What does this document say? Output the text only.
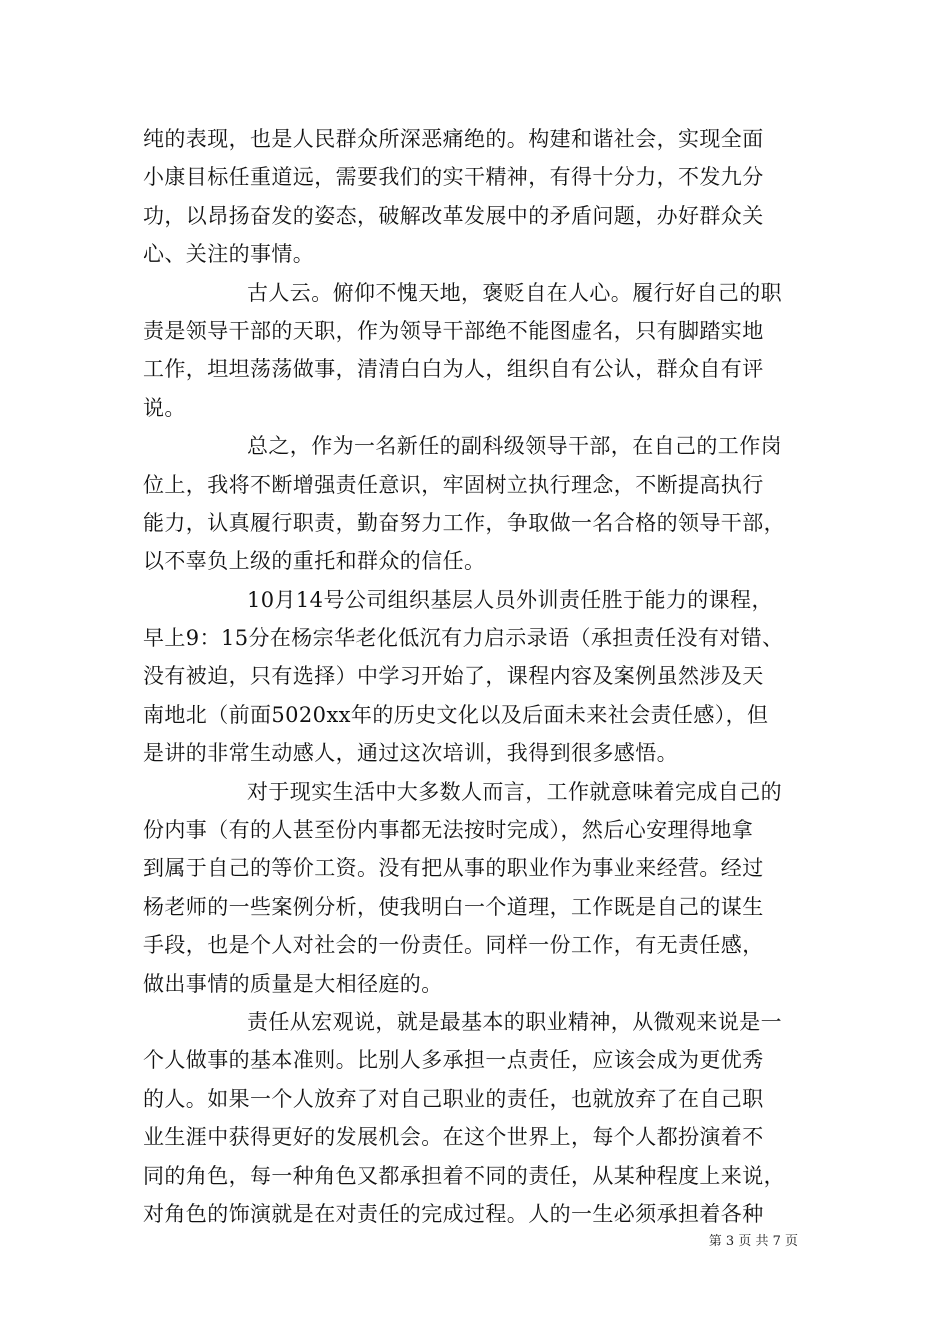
纯的表现，也是人民群众所深恶痛绝的。构建和谐社会，实现全面
小康目标任重道远，需要我们的实干精神，有得十分力，不发九分
功，以昂扬奋发的姿态，破解改革发展中的矛盾问题，办好群众关
心、关注的事情。
古人云。俯仰不愧天地，褒贬自在人心。履行好自己的职
责是领导干部的天职，作为领导干部绝不能图虚名，只有脚踏实地
工作，坦坦荡荡做事，清清白白为人，组织自有公认，群众自有评
说。
总之，作为一名新任的副科级领导干部，在自己的工作岗
位上，我将不断增强责任意识，牢固树立执行理念，不断提高执行
能力，认真履行职责，勤奋努力工作，争取做一名合格的领导干部，
以不辜负上级的重托和群众的信任。
10月14号公司组织基层人员外训责任胜于能力的课程，
早上9：15分在杨宗华老化低沉有力启示录语（承担责任没有对错、
没有被迫，只有选择）中学习开始了，课程内容及案例虽然涉及天
南地北（前面5020xx年的历史文化以及后面未来社会责任感），但
是讲的非常生动感人，通过这次培训，我得到很多感悟。
对于现实生活中大多数人而言，工作就意味着完成自己的
份内事（有的人甚至份内事都无法按时完成），然后心安理得地拿
到属于自己的等价工资。没有把从事的职业作为事业来经营。经过
杨老师的一些案例分析，使我明白一个道理，工作既是自己的谋生
手段，也是个人对社会的一份责任。同样一份工作，有无责任感，
做出事情的质量是大相径庭的。
责任从宏观说，就是最基本的职业精神，从微观来说是一
个人做事的基本准则。比别人多承担一点责任，应该会成为更优秀
的人。如果一个人放弃了对自己职业的责任，也就放弃了在自己职
业生涯中获得更好的发展机会。在这个世界上，每个人都扮演着不
同的角色，每一种角色又都承担着不同的责任，从某种程度上来说，
对角色的饰演就是在对责任的完成过程。人的一生必须承担着各种
第 3 页 共 7 页
